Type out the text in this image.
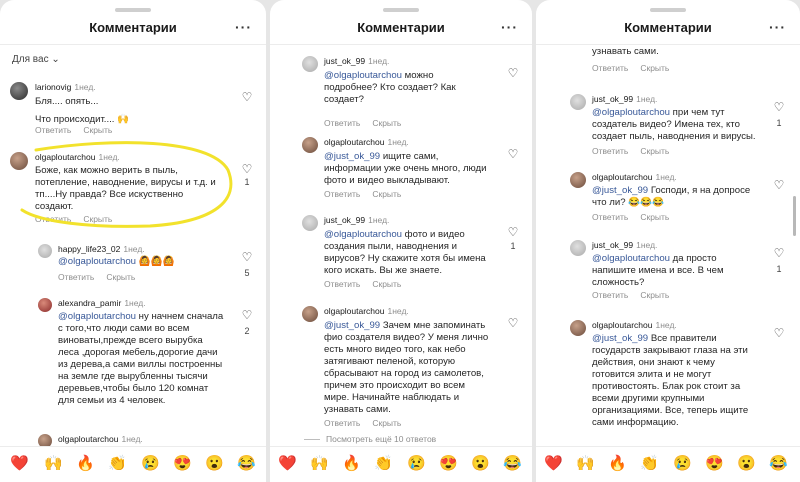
Комментарии	···
Для вас ⌄
larionovig 1нед.
Бля.... опять...
Что происходит.... 🙌
Ответить Скрыть
♡
olgaploutarchou 1нед.
Боже, как можно верить в пыль,
потепление, наводнение, вирусы и т.д. и
тп....Ну правда? Все искуственно
создают.
Ответить Скрыть
♡
1
happy_life23_02 1нед.
@olgaploutarchou 🙆🙆🙆
Ответить Скрыть
♡
5
alexandra_pamir 1нед.
@olgaploutarchou ну начнем сначала
с того,что люди сами во всем
виноваты,прежде всего вырубка
леса ,дорогая мебель,дорогие дачи
из дерева,а сами виллы построенны
на земле где вырубленны тысячи
деревьев,чтобы было 120 комнат
для семьи из 4 человек.
♡
2
olgaploutarchou 1нед.
❤️ 🙌 🔥 👏 😢 😍 😮 😂
Комментарии	···
just_ok_99 1нед.
@olgaploutarchou можно
подробнее? Кто создает? Как
создает?
Ответить Скрыть
♡
olgaploutarchou 1нед.
@just_ok_99 ищите сами,
информации уже очень много, люди
фото и видео выкладывают.
Ответить Скрыть
♡
just_ok_99 1нед.
@olgaploutarchou фото и видео
создания пыли, наводнения и
вирусов? Ну скажите хотя бы имена
кого искать. Вы же знаете.
Ответить Скрыть
♡
1
olgaploutarchou 1нед.
@just_ok_99 Зачем мне запоминать
фио создателя видео? У меня лично
есть много видео того, как небо
затягивают пеленой, которую
сбрасывают на город из самолетов,
причем это происходит во всем
мире. Начинайте наблюдать и
узнавать сами.
Ответить Скрыть
♡
Посмотреть ещё 10 ответов
❤️ 🙌 🔥 👏 😢 😍 😮 😂
Комментарии	···
узнавать сами.
Ответить Скрыть
just_ok_99 1нед.
@olgaploutarchou при чем тут
создатель видео? Имена тех, кто
создает пыль, наводнения и вирусы.
Ответить Скрыть
♡
1
olgaploutarchou 1нед.
@just_ok_99 Господи, я на допросе
что ли? 😂😂😂
Ответить Скрыть
♡
just_ok_99 1нед.
@olgaploutarchou да просто
напишите имена и все. В чем
сложность?
Ответить Скрыть
♡
1
olgaploutarchou 1нед.
@just_ok_99 Все правители
государств закрывают глаза на эти
действия, они знают к чему
готовится элита и не могут
противостоять. Блак рок стоит за
всеми другими крупными
организациями. Все, теперь ищите
сами информацию.
♡
❤️ 🙌 🔥 👏 😢 😍 😮 😂
